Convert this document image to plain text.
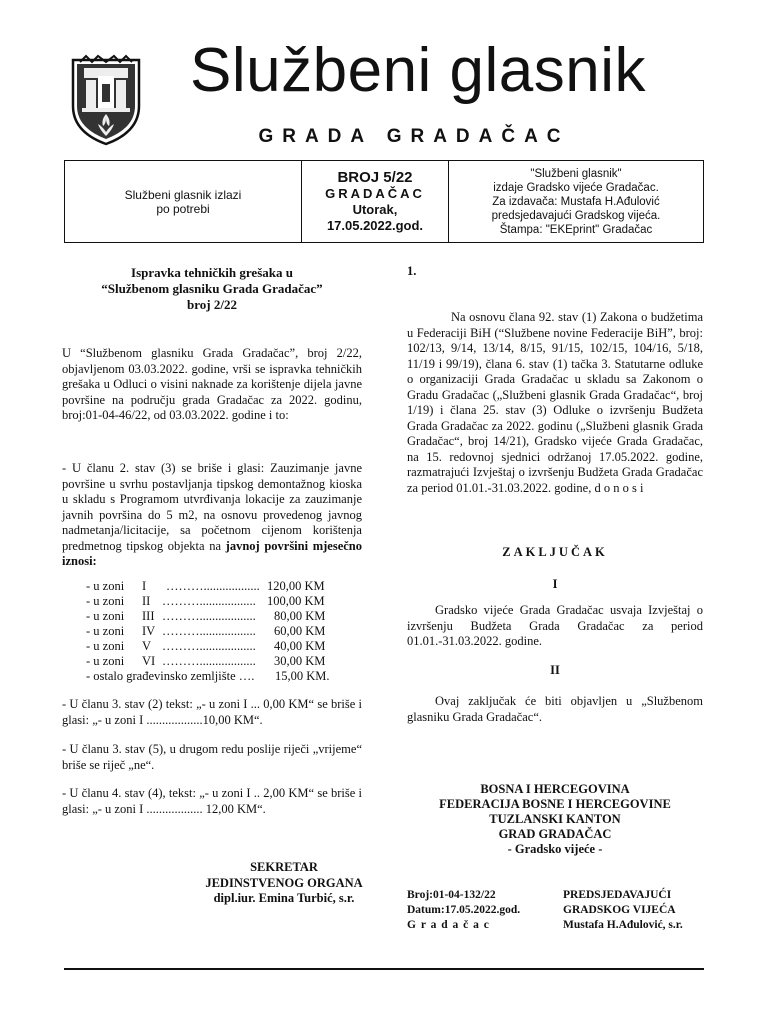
Službeni glasnik
GRADA GRADAČAC
Službeni glasnik izlazi
po potrebi
BROJ 5/22
GRADAČAC
Utorak,
17.05.2022.god.
"Službeni glasnik"
izdaje Gradsko vijeće Gradačac.
Za izdavača: Mustafa H.Ađulović
predsjedavajući Gradskog vijeća.
Štampa: "EKEprint" Gradačac
Ispravka tehničkih grešaka u
“Službenom glasniku Grada Gradačac”
broj 2/22

U “Službenom glasniku Grada Gradačac”, broj 2/22, objavljenom 03.03.2022. godine, vrši se ispravka tehničkih grešaka u Odluci o visini naknade za korištenje dijela javne površine na području grada Gradačac za 2022. godinu, broj:01-04-46/22, od 03.03.2022. godine i to:

- U članu 2. stav (3) se briše i glasi: Zauzimanje javne površine u svrhu postavljanja tipskog demontažnog kioska u skladu s Programom utvrđivanja lokacije za zauzimanje javnih površina do 5 m2, na osnovu provedenog javnog nadmetanja/licitacije, sa početnom cijenom korištenja predmetnog tipskog objekta na javnoj površini mjesečno iznosi:

- u zoni I ……….................. 120,00 KM
- u zoni II ……….................. 100,00 KM
- u zoni III ……….................. 80,00 KM
- u zoni IV ……….................. 60,00 KM
- u zoni V ……….................. 40,00 KM
- u zoni VI ……….................. 30,00 KM
- ostalo građevinsko zemljište …. 15,00 KM.

- U članu 3. stav (2) tekst: „- u zoni I ... 0,00 KM“ se briše i glasi: „- u zoni I ..................10,00 KM“.

- U članu 3. stav (5), u drugom redu poslije riječi „vrijeme“ briše se riječ „ne“.

- U članu 4. stav (4), tekst: „- u zoni I .. 2,00 KM“ se briše i glasi: „- u zoni I .................. 12,00 KM“.

SEKRETAR
JEDINSTVENOG ORGANA
dipl.iur. Emina Turbić, s.r.
1.

Na osnovu člana 92. stav (1) Zakona o budžetima u Federaciji BiH (“Službene novine Federacije BiH”, broj: 102/13, 9/14, 13/14, 8/15, 91/15, 102/15, 104/16, 5/18, 11/19 i 99/19), člana 6. stav (1) tačka 3. Statutarne odluke o organizaciji Grada Gradačac u skladu sa Zakonom o Gradu Gradačac („Službeni glasnik Grada Gradačac“, broj 1/19) i člana 25. stav (3) Odluke o izvršenju Budžeta Grada Gradačac za 2022. godinu („Službeni glasnik Grada Gradačac“, broj 14/21), Gradsko vijeće Grada Gradačac, na 15. redovnoj sjednici održanoj 17.05.2022. godine, razmatrajući Izvještaj o izvršenju Budžeta Grada Gradačac za period 01.01.-31.03.2022. godine, d o n o s i

ZAKLJUČAK
I

Gradsko vijeće Grada Gradačac usvaja Izvještaj o izvršenju Budžeta Grada Gradačac za period 01.01.-31.03.2022. godine.

II

Ovaj zaključak će biti objavljen u „Službenom glasniku Grada Gradačac“.

BOSNA I HERCEGOVINA
FEDERACIJA BOSNE I HERCEGOVINE
TUZLANSKI KANTON
GRAD GRADAČAC
- Gradsko vijeće -
Broj:01-04-132/22
Datum:17.05.2022.god.
G r a d a č a c
PREDSJEDAVAJUĆI
GRADSKOG VIJEĆA
Mustafa H.Ađulović, s.r.
